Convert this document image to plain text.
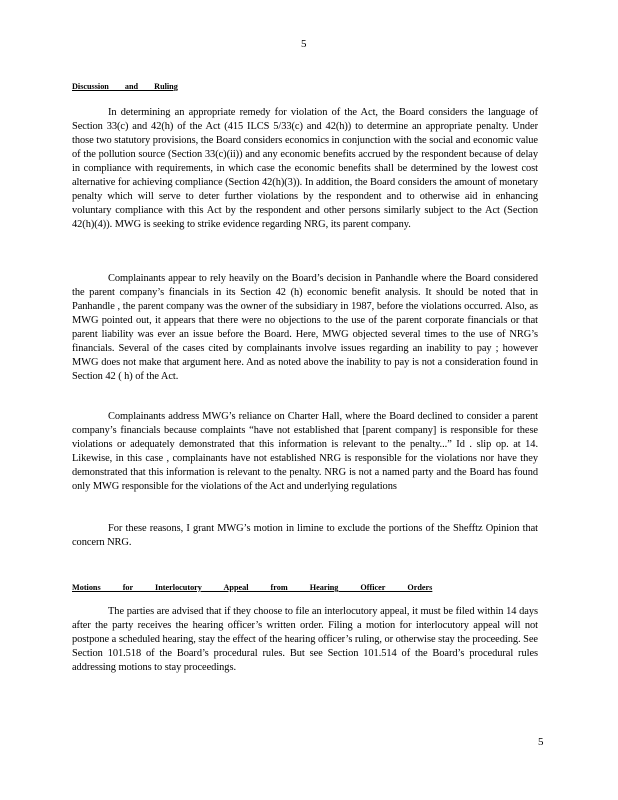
5
Discussion and Ruling

In determining an appropriate remedy for violation of the Act, the Board considers the language of Section 33(c) and 42(h) of the Act (415 ILCS 5/33(c) and 42(h)) to determine an appropriate penalty. Under those two statutory provisions, the Board considers economics in conjunction with the social and economic value of the pollution source (Section 33(c)(ii)) and any economic benefits accrued by the respondent because of delay in compliance with requirements, in which case the economic benefits shall be determined by the lowest cost alternative for achieving compliance (Section 42(h)(3)). In addition, the Board considers the amount of monetary penalty which will serve to deter further violations by the respondent and to otherwise aid in enhancing voluntary compliance with this Act by the respondent and other persons similarly subject to the Act (Section 42(h)(4)). MWG is seeking to strike evidence regarding NRG, its parent company.

Complainants appear to rely heavily on the Board’s decision in Panhandle where the Board considered the parent company’s financials in its Section 42 (h) economic benefit analysis. It should be noted that in Panhandle , the parent company was the owner of the subsidiary in 1987, before the violations occurred. Also, as MWG pointed out, it appears that there were no objections to the use of the parent corporate financials or that parent liability was ever an issue before the Board. Here, MWG objected several times to the use of NRG’s financials. Several of the cases cited by complainants involve issues regarding an inability to pay ; however MWG does not make that argument here. And as noted above the inability to pay is not a consideration found in Section 42 ( h) of the Act.

Complainants address MWG’s reliance on Charter Hall, where the Board declined to consider a parent company’s financials because complaints “have not established that [parent company] is responsible for these violations or adequately demonstrated that this information is relevant to the penalty...” Id . slip op. at 14. Likewise, in this case , complainants have not established NRG is responsible for the violations nor have they demonstrated that this information is relevant to the penalty. NRG is not a named party and the Board has found only MWG responsible for the violations of the Act and underlying regulations

For these reasons, I grant MWG’s motion in limine to exclude the portions of the Shefftz Opinion that concern NRG.

Motions for Interlocutory Appeal from Hearing Officer Orders

The parties are advised that if they choose to file an interlocutory appeal, it must be filed within 14 days after the party receives the hearing officer’s written order. Filing a motion for interlocutory appeal will not postpone a scheduled hearing, stay the effect of the hearing officer’s ruling, or otherwise stay the proceeding. See Section 101.518 of the Board’s procedural rules. But see Section 101.514 of the Board’s procedural rules addressing motions to stay proceedings.

5
